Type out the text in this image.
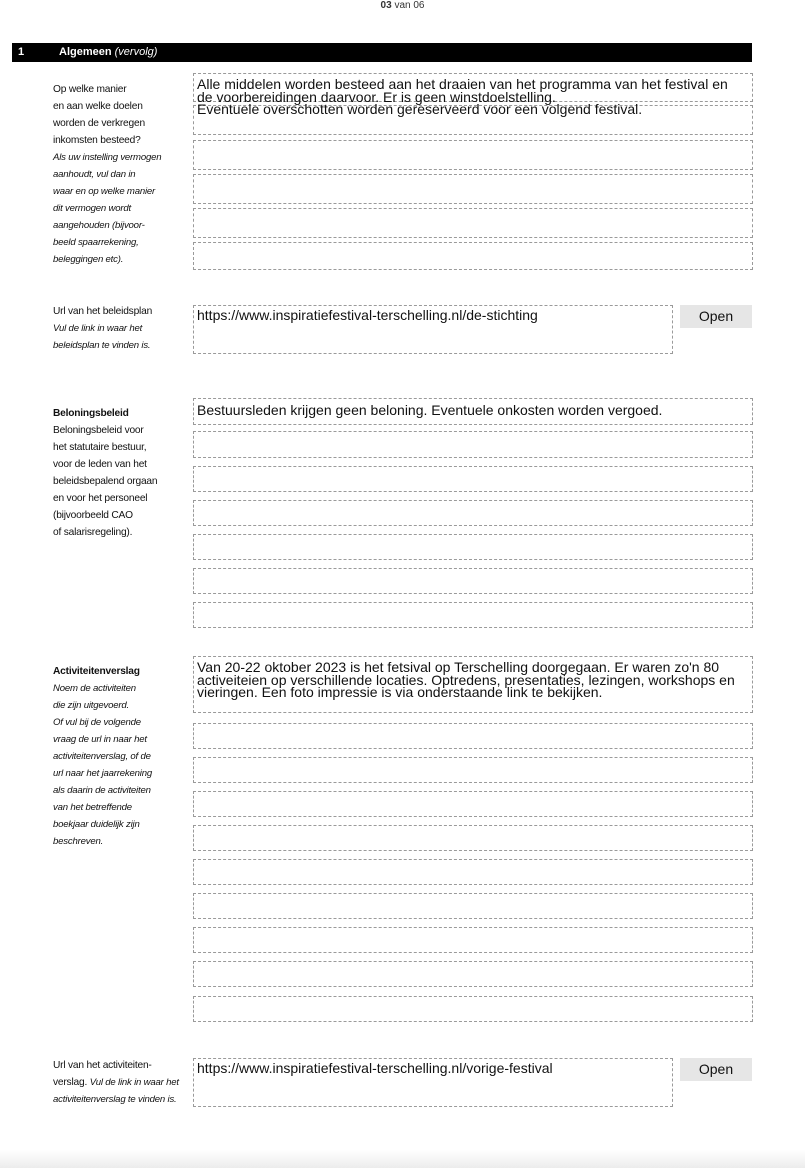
03 van 06
1	Algemeen (vervolg)
Op welke manier
en aan welke doelen
worden de verkregen
inkomsten besteed?
Als uw instelling vermogen
aanhoudt, vul dan in
waar en op welke manier
dit vermogen wordt
aangehouden (bijvoor-
beeld spaarrekening,
beleggingen etc).
Alle middelen worden besteed aan het draaien van het programma van het festival en
de voorbereidingen daarvoor. Er is geen winstdoelstelling.
Eventuele overschotten worden gereserveerd voor een volgend festival.
Url van het beleidsplan
Vul de link in waar het
beleidsplan te vinden is.
https://www.inspiratiefestival-terschelling.nl/de-stichting	Open
Beloningsbeleid
Beloningsbeleid voor
het statutaire bestuur,
voor de leden van het
beleidsbepalend orgaan
en voor het personeel
(bijvoorbeeld CAO
of salarisregeling).
Bestuursleden krijgen geen beloning. Eventuele onkosten worden vergoed.
Activiteitenverslag
Noem de activiteiten
die zijn uitgevoerd.
Of vul bij de volgende
vraag de url in naar het
activiteitenverslag, of de
url naar het jaarrekening
als daarin de activiteiten
van het betreffende
boekjaar duidelijk zijn
beschreven.
Van 20-22 oktober 2023 is het fetsival op Terschelling doorgegaan. Er waren zo'n 80
activeiteien op verschillende locaties. Optredens, presentaties, lezingen, workshops en
vieringen. Een foto impressie is via onderstaande link te bekijken.
Url van het activiteiten-
verslag. Vul de link in waar het
activiteitenverslag te vinden is.
https://www.inspiratiefestival-terschelling.nl/vorige-festival	Open
